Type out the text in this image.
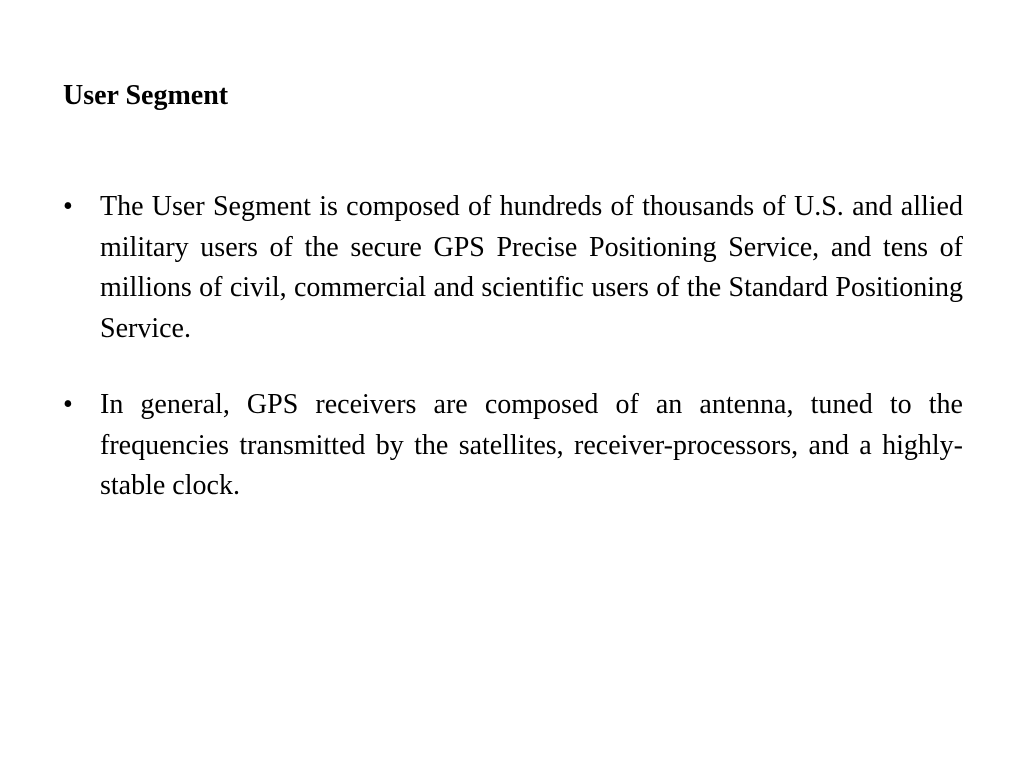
User Segment
• The User Segment is composed of hundreds of thousands of U.S. and allied military users of the secure GPS Precise Positioning Service, and tens of millions of civil, commercial and scientific users of the Standard Positioning Service.
• In general, GPS receivers are composed of an antenna, tuned to the frequencies transmitted by the satellites, receiver-processors, and a highly-stable clock.
